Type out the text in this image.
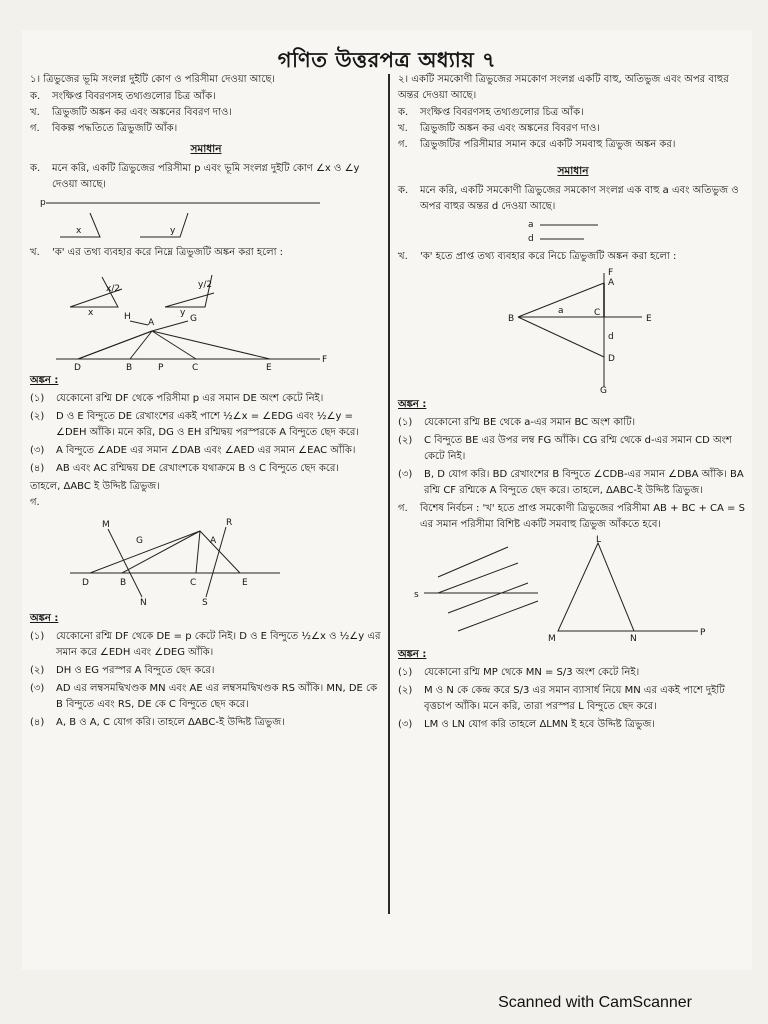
গণিত উত্তরপত্র অধ্যায় ৭
১। ত্রিভুজের ভূমি সংলগ্ন দুইটি কোণ ও পরিসীমা দেওয়া আছে।
ক.	সংক্ষিপ্ত বিবরণসহ তথ্যগুলোর চিত্র আঁক।
খ.	ত্রিভুজটি অঙ্কন কর এবং অঙ্কনের বিবরণ দাও।
গ.	বিকল্প পদ্ধতিতে ত্রিভুজটি আঁক।
সমাধান
ক.	মনে করি, একটি ত্রিভুজের পরিসীমা p এবং ভূমি সংলগ্ন দুইটি কোণ ∠x ও ∠y দেওয়া আছে।
p
x	y
খ.	'ক' এর তথ্য ব্যবহার করে নিম্নে ত্রিভুজটি অঙ্কন করা হলো :
x
x/2
y
y/2
A
H	G
D	B	P	C	E
F
অঙ্কন :
(১)	যেকোনো রশ্মি DF থেকে পরিসীমা p এর সমান DE অংশ কেটে নিই।
(২)	D ও E বিন্দুতে DE রেখাংশের একই পাশে ½∠x = ∠EDG এবং ½∠y = ∠DEH আঁকি। মনে করি, DG ও EH রশ্মিদ্বয় পরস্পরকে A বিন্দুতে ছেদ করে।
(৩)	A বিন্দুতে ∠ADE এর সমান ∠DAB এবং ∠AED এর সমান ∠EAC আঁকি।
(৪)	AB এবং AC রশ্মিদ্বয় DE রেখাংশকে যথাক্রমে B ও C বিন্দুতে ছেদ করে।
তাহলে, ΔABC ই উদ্দিষ্ট ত্রিভুজ।
গ.
M	R
G	A
D	B	C	E
N	S
অঙ্কন :
(১)	যেকোনো রশ্মি DF থেকে DE = p কেটে নিই। D ও E বিন্দুতে ½∠x ও ½∠y এর সমান করে ∠EDH এবং ∠DEG আঁকি।
(২)	DH ও EG পরস্পর A বিন্দুতে ছেদ করে।
(৩)	AD এর লম্বসমদ্বিখণ্ডক MN এবং AE এর লম্বসমদ্বিখণ্ডক RS আঁকি। MN, DE কে B বিন্দুতে এবং RS, DE কে C বিন্দুতে ছেদ করে।
(৪)	A, B ও A, C যোগ করি। তাহলে ΔABC-ই উদ্দিষ্ট ত্রিভুজ।
২। একটি সমকোণী ত্রিভুজের সমকোণ সংলগ্ন একটি বাহু, অতিভুজ এবং অপর বাহুর অন্তর দেওয়া আছে।
ক.	সংক্ষিপ্ত বিবরণসহ তথ্যগুলোর চিত্র আঁক।
খ.	ত্রিভুজটি অঙ্কন কর এবং অঙ্কনের বিবরণ দাও।
গ.	ত্রিভুজটির পরিসীমার সমান করে একটি সমবাহু ত্রিভুজ অঙ্কন কর।
সমাধান
ক.	মনে করি, একটি সমকোণী ত্রিভুজের সমকোণ সংলগ্ন এক বাহু a এবং অতিভুজ ও অপর বাহুর অন্তর d দেওয়া আছে।
a
d
খ.	'ক' হতে প্রাপ্ত তথ্য ব্যবহার করে নিচে ত্রিভুজটি অঙ্কন করা হলো :
B
A
F
C
E
a
d
D
G
অঙ্কন :
(১)	যেকোনো রশ্মি BE থেকে a-এর সমান BC অংশ কাটি।
(২)	C বিন্দুতে BE এর উপর লম্ব FG আঁকি। CG রশ্মি থেকে d-এর সমান CD অংশ কেটে নিই।
(৩)	B, D যোগ করি। BD রেখাংশের B বিন্দুতে ∠CDB-এর সমান ∠DBA আঁকি। BA রশ্মি CF রশ্মিকে A বিন্দুতে ছেদ করে। তাহলে, ΔABC-ই উদ্দিষ্ট ত্রিভুজ।
গ.	বিশেষ নির্বচন : 'খ' হতে প্রাপ্ত সমকোণী ত্রিভুজের পরিসীমা AB + BC + CA = S এর সমান পরিসীমা বিশিষ্ট একটি সমবাহু ত্রিভুজ আঁকতে হবে।
s
L
M	N
P
অঙ্কন :
(১)	যেকোনো রশ্মি MP থেকে MN = S/3 অংশ কেটে নিই।
(২)	M ও N কে কেন্দ্র করে S/3 এর সমান ব্যাসার্ধ নিয়ে MN এর একই পাশে দুইটি বৃত্তচাপ আঁকি। মনে করি, তারা পরস্পর L বিন্দুতে ছেদ করে।
(৩)	LM ও LN যোগ করি তাহলে ΔLMN ই হবে উদ্দিষ্ট ত্রিভুজ।
Scanned with CamScanner
